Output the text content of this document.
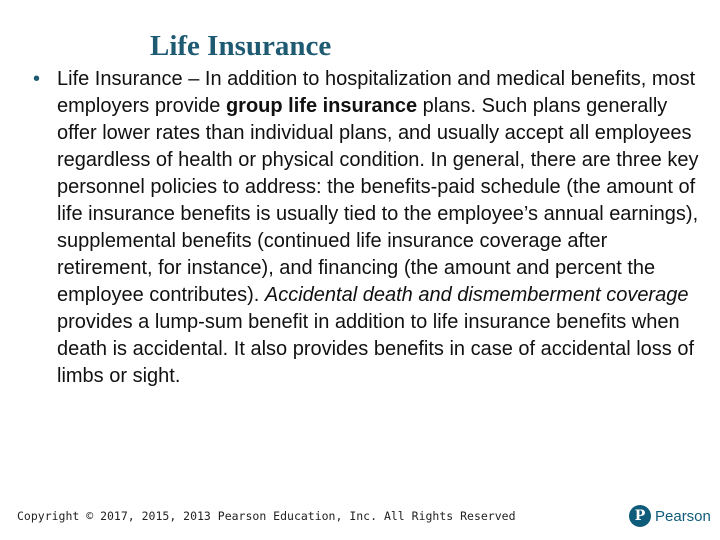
Life Insurance
• Life Insurance – In addition to hospitalization and medical benefits, most employers provide group life insurance plans. Such plans generally offer lower rates than individual plans, and usually accept all employees regardless of health or physical condition. In general, there are three key personnel policies to address: the benefits-paid schedule (the amount of life insurance benefits is usually tied to the employee’s annual earnings), supplemental benefits (continued life insurance coverage after retirement, for instance), and financing (the amount and percent the employee contributes). Accidental death and dismemberment coverage provides a lump-sum benefit in addition to life insurance benefits when death is accidental. It also provides benefits in case of accidental loss of limbs or sight.

Copyright © 2017, 2015, 2013 Pearson Education, Inc. All Rights Reserved	P Pearson
